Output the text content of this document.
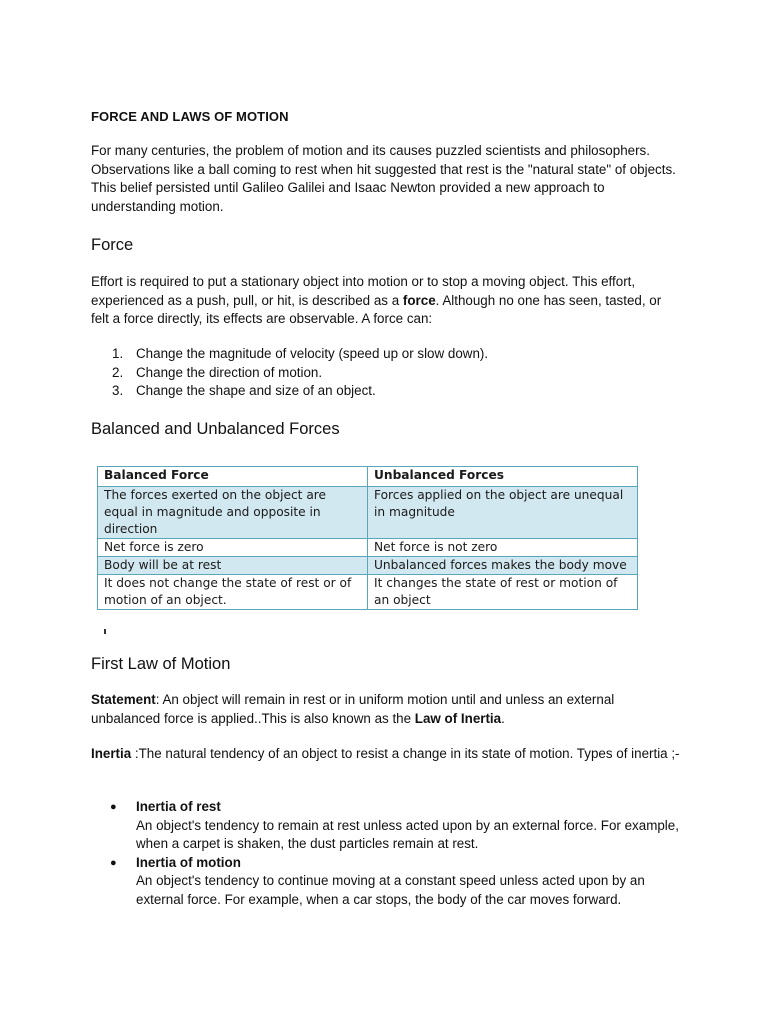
FORCE AND LAWS OF MOTION

For many centuries, the problem of motion and its causes puzzled scientists and philosophers. Observations like a ball coming to rest when hit suggested that rest is the "natural state" of objects. This belief persisted until Galileo Galilei and Isaac Newton provided a new approach to understanding motion.

Force

Effort is required to put a stationary object into motion or to stop a moving object. This effort, experienced as a push, pull, or hit, is described as a force. Although no one has seen, tasted, or felt a force directly, its effects are observable. A force can:

1. Change the magnitude of velocity (speed up or slow down).
2. Change the direction of motion.
3. Change the shape and size of an object.
Balanced and Unbalanced Forces
Balanced Force	Unbalanced Forces
The forces exerted on the object are equal in magnitude and opposite in direction	Forces applied on the object are unequal in magnitude
Net force is zero	Net force is not zero
Body will be at rest	Unbalanced forces makes the body move
It does not change the state of rest or of motion of an object.	It changes the state of rest or motion of an object
First Law of Motion

Statement: An object will remain in rest or in uniform motion until and unless an external unbalanced force is applied..This is also known as the Law of Inertia.

Inertia :The natural tendency of an object to resist a change in its state of motion. Types of inertia ;-

● Inertia of rest
An object's tendency to remain at rest unless acted upon by an external force. For example, when a carpet is shaken, the dust particles remain at rest.
● Inertia of motion
An object's tendency to continue moving at a constant speed unless acted upon by an external force. For example, when a car stops, the body of the car moves forward.
